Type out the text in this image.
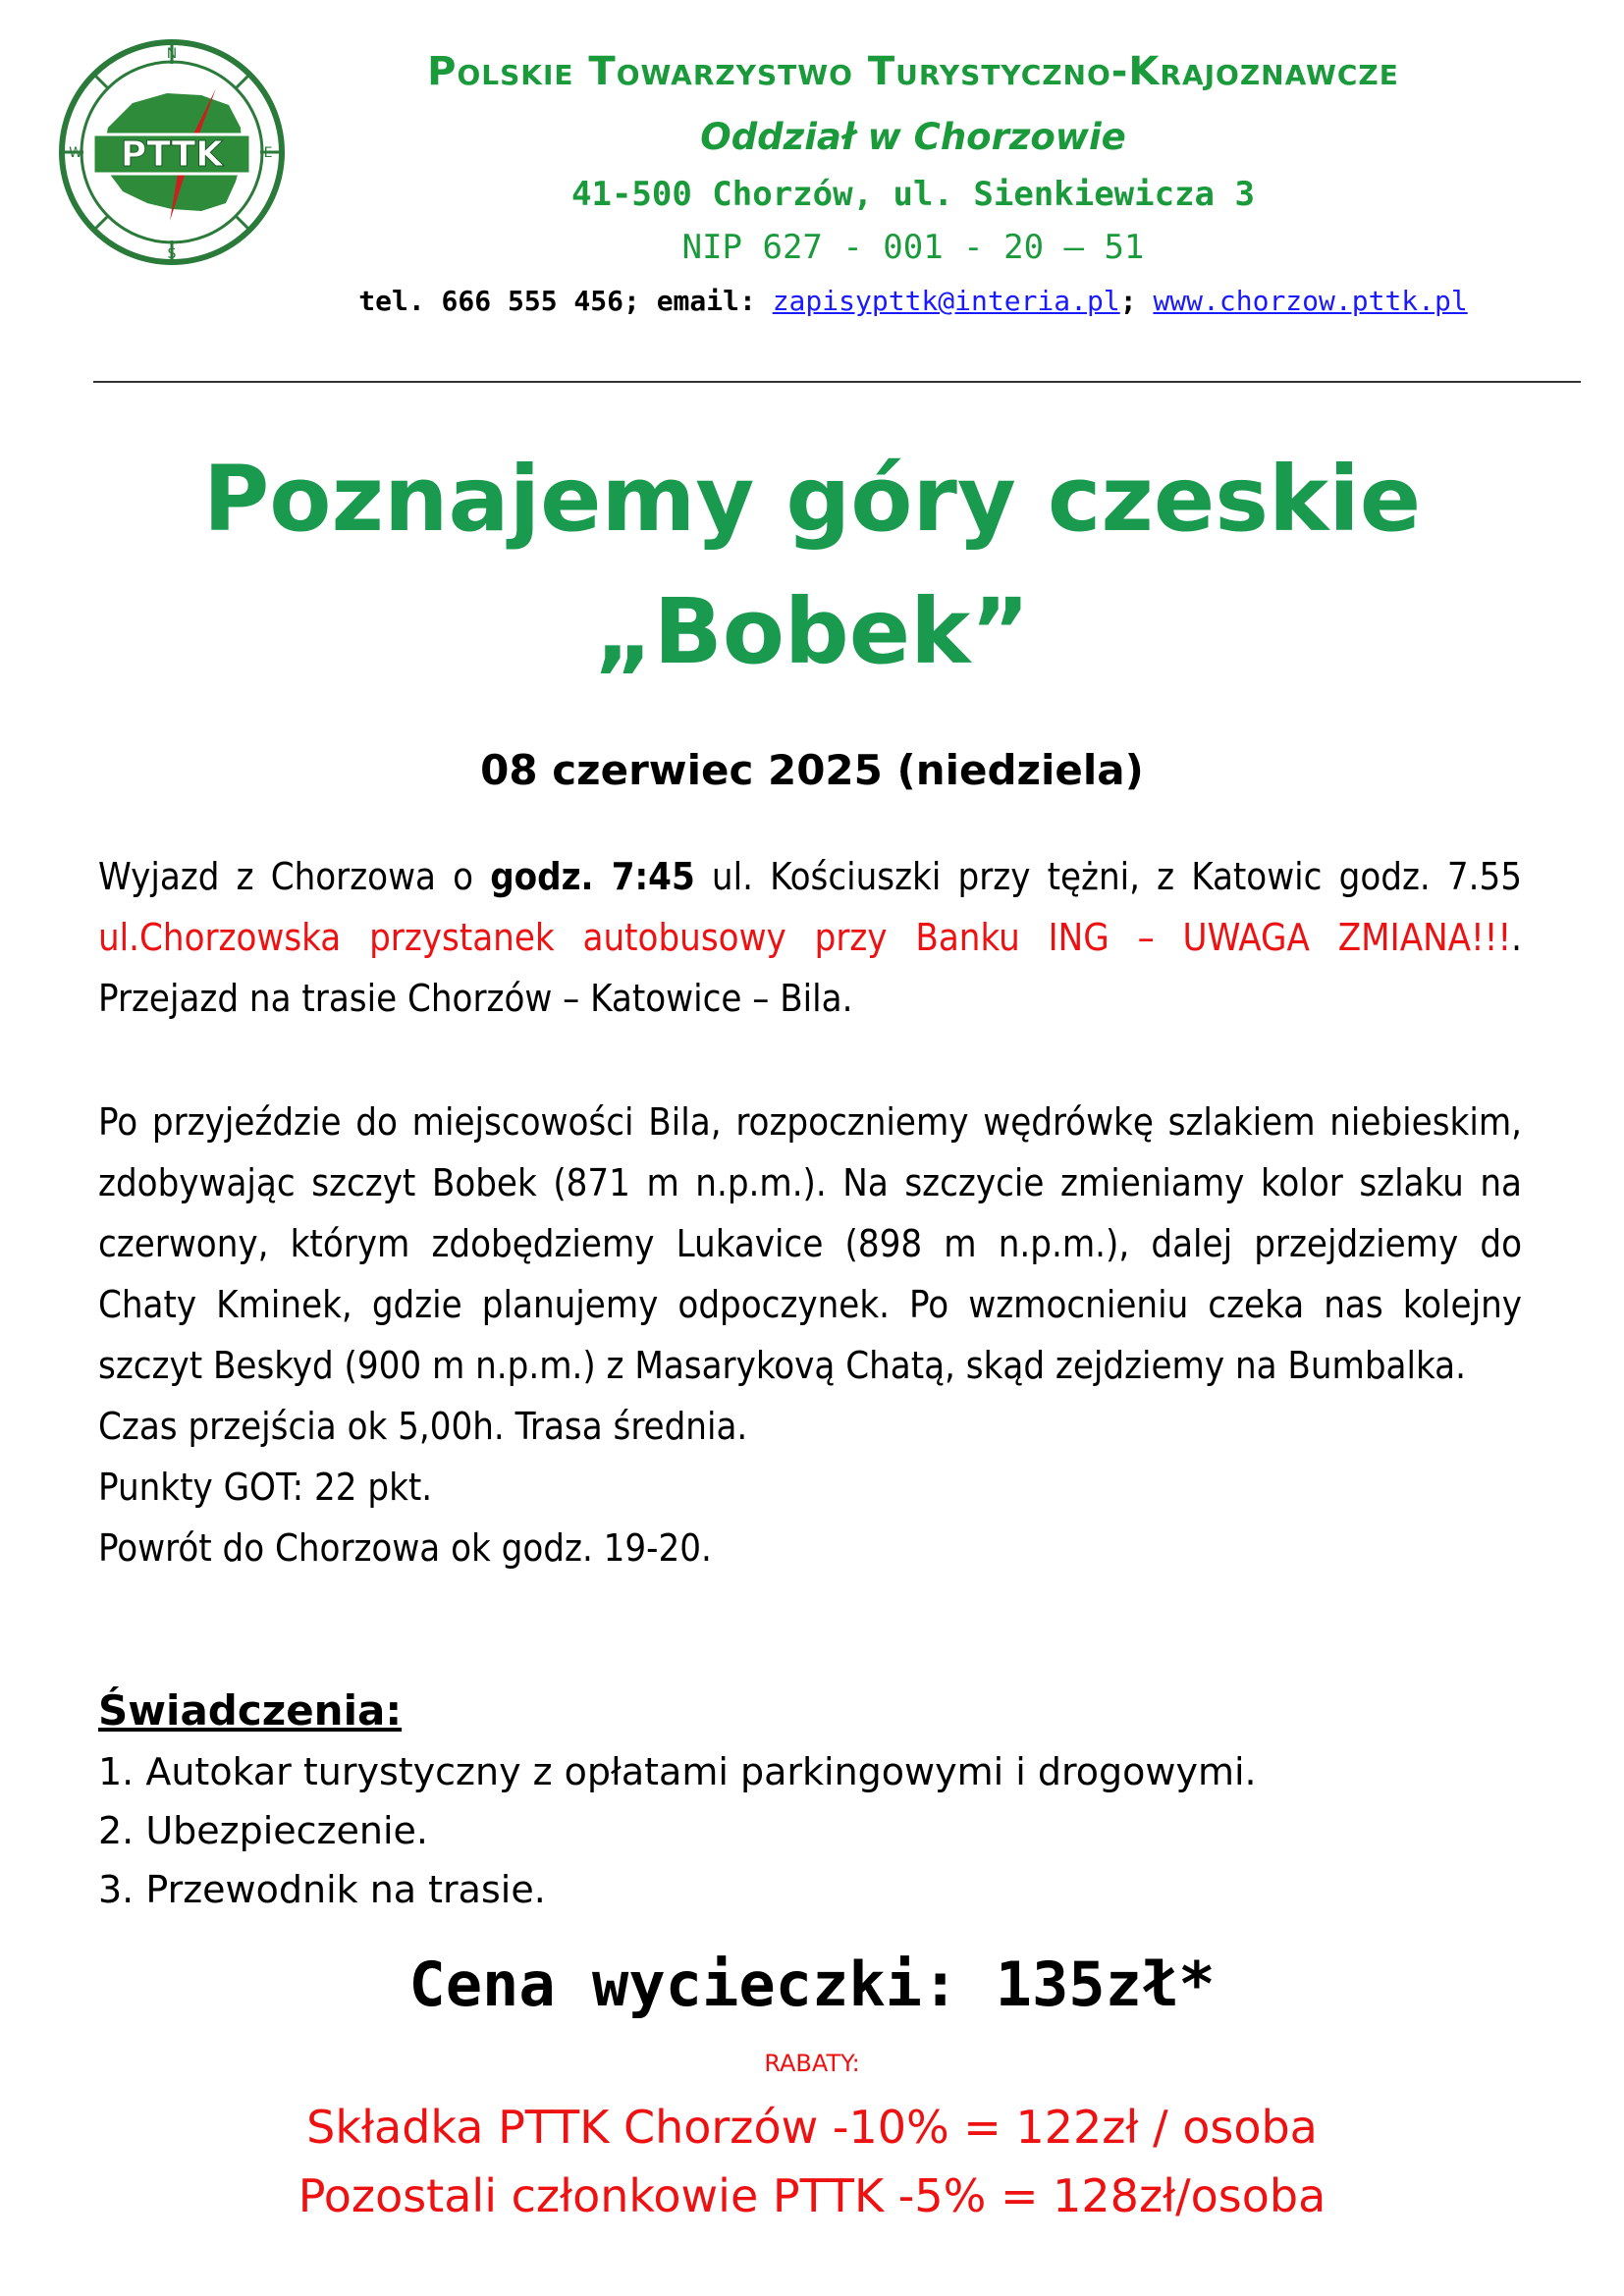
PTTK
N
S
W	E
Polskie Towarzystwo Turystyczno-Krajoznawcze
Oddział w Chorzowie
41-500 Chorzów, ul. Sienkiewicza 3
NIP 627 - 001 - 20 – 51
tel. 666 555 456; email: zapisypttk@interia.pl; www.chorzow.pttk.pl
Poznajemy góry czeskie
„Bobek”
08 czerwiec 2025 (niedziela)
Wyjazd z Chorzowa o godz. 7:45 ul. Kościuszki przy tężni, z Katowic godz. 7.55 ul.Chorzowska przystanek autobusowy przy Banku ING – UWAGA ZMIANA!!!. Przejazd na trasie Chorzów – Katowice – Bila.
Po przyjeździe do miejscowości Bila, rozpoczniemy wędrówkę szlakiem niebieskim, zdobywając szczyt Bobek (871 m n.p.m.). Na szczycie zmieniamy kolor szlaku na czerwony, którym zdobędziemy Lukavice (898 m n.p.m.), dalej przejdziemy do Chaty Kminek, gdzie planujemy odpoczynek. Po wzmocnieniu czeka nas kolejny szczyt Beskyd (900 m n.p.m.) z Masarykovą Chatą, skąd zejdziemy na Bumbalka.
Czas przejścia ok 5,00h. Trasa średnia.
Punkty GOT: 22 pkt.
Powrót do Chorzowa ok godz. 19-20.
Świadczenia:
1. Autokar turystyczny z opłatami parkingowymi i drogowymi.
2. Ubezpieczenie.
3. Przewodnik na trasie.
Cena wycieczki: 135zł*
RABATY:
Składka PTTK Chorzów -10% = 122zł / osoba
Pozostali członkowie PTTK -5% = 128zł/osoba
